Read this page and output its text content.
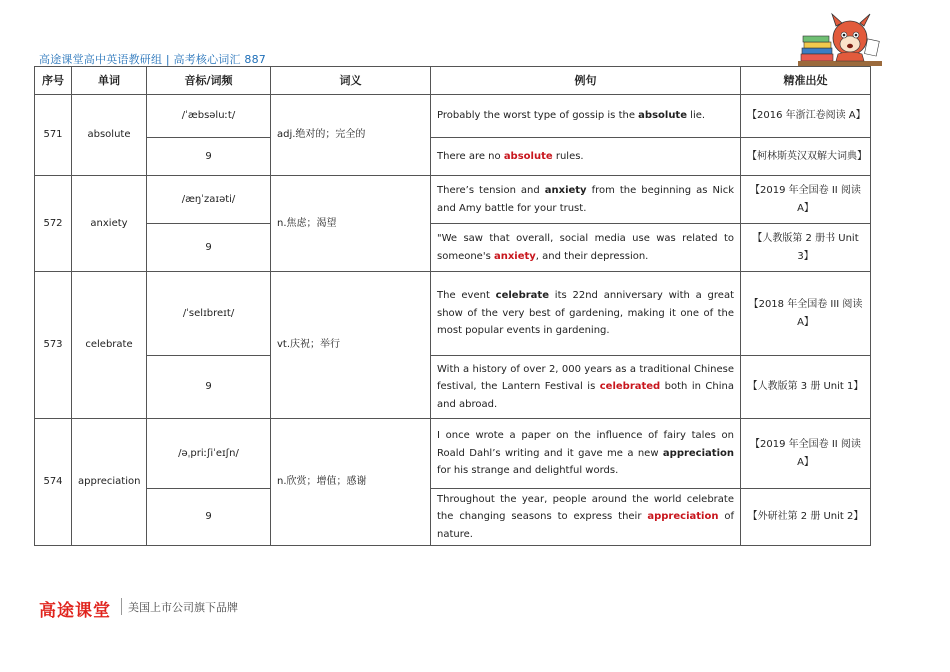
高途课堂高中英语教研组 | 高考核心词汇 887
序号	单词	音标/词频	词义	例句	精准出处
571	absolute	/ˈæbsəluːt/	adj.绝对的；完全的	Probably the worst type of gossip is the absolute lie.	【2016 年浙江卷阅读 A】
		9		There are no absolute rules.	【柯林斯英汉双解大词典】
572	anxiety	/æŋˈzaɪəti/	n.焦虑；渴望	There’s tension and anxiety from the beginning as Nick and Amy battle for your trust.	【2019 年全国卷 II 阅读 A】
		9		"We saw that overall, social media use was related to someone's anxiety, and their depression.	【人教版第 2 册书 Unit 3】
573	celebrate	/ˈselɪbreɪt/	vt.庆祝；举行	The event celebrate its 22nd anniversary with a great show of the very best of gardening, making it one of the most popular events in gardening.	【2018 年全国卷 III 阅读 A】
		9		With a history of over 2, 000 years as a traditional Chinese festival, the Lantern Festival is celebrated both in China and abroad.	【人教版第 3 册 Unit 1】
574	appreciation	/əˌpriːʃiˈeɪʃn/	n.欣赏；增值；感谢	I once wrote a paper on the influence of fairy tales on Roald Dahl’s writing and it gave me a new appreciation for his strange and delightful words.	【2019 年全国卷 II 阅读 A】
		9		Throughout the year, people around the world celebrate the changing seasons to express their appreciation of nature.	【外研社第 2 册 Unit 2】
高途课堂 美国上市公司旗下品牌
